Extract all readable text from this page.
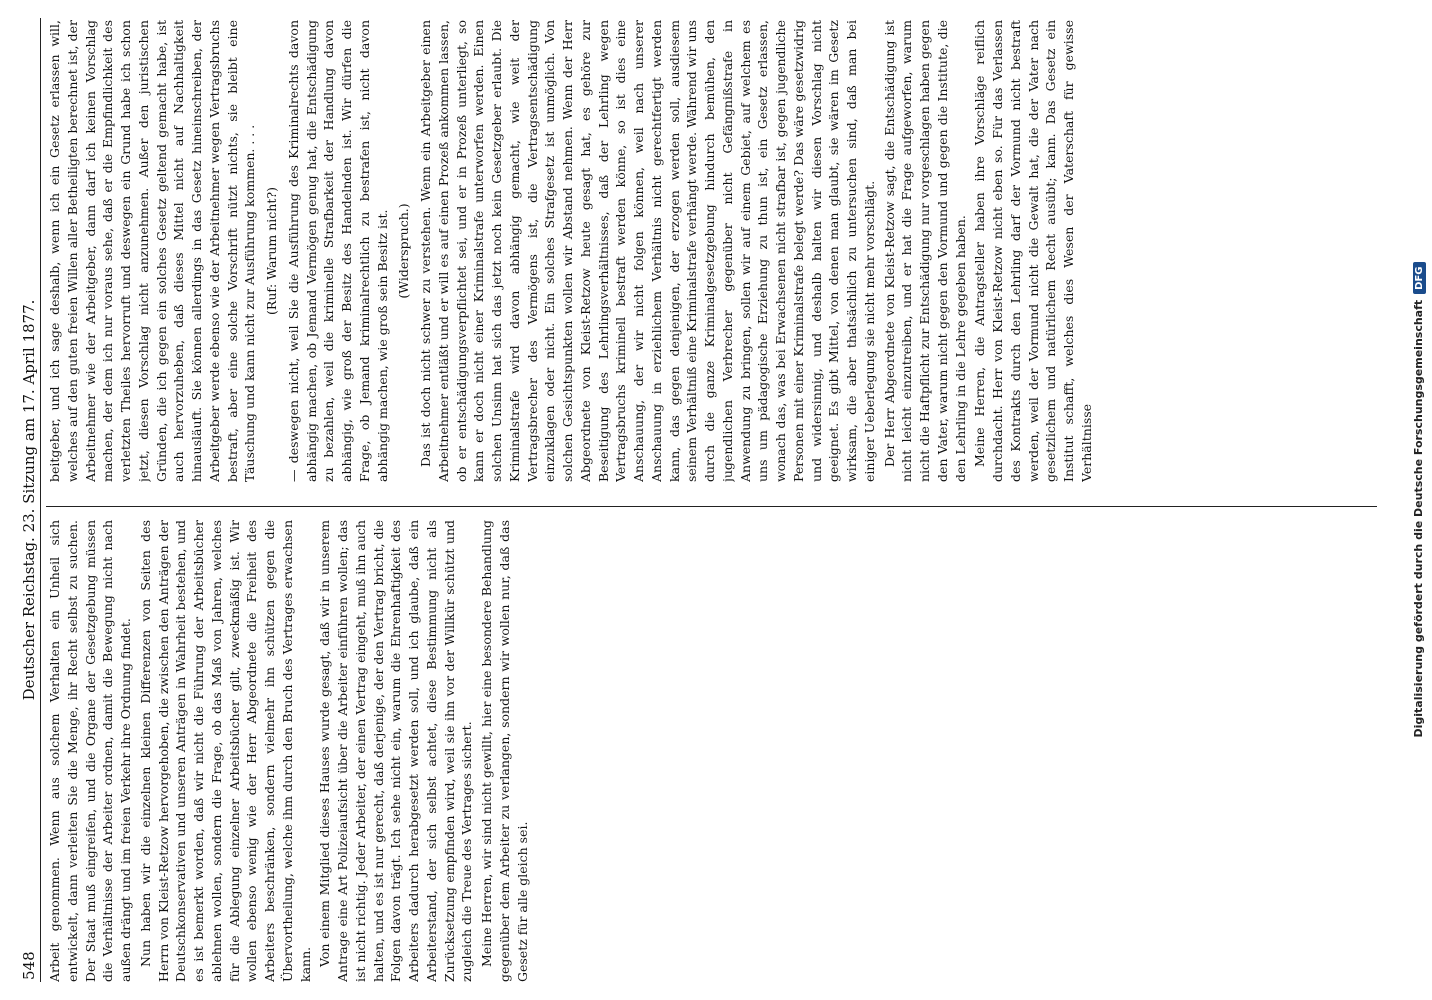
548
Deutscher Reichstag. 23. Sitzung am 17. April 1877.

Arbeit genommen. Wenn aus solchem Verhalten ein Unheil sich entwickelt, dann verleiten Sie die Menge, ihr Recht selbst zu suchen. Der Staat muß eingreifen, und die Organe der Gesetzgebung müssen die Verhältnisse der Arbeiter ordnen, damit die Bewegung nicht nach außen drängt und im freien Verkehr ihre Ordnung findet. Nun haben wir die einzelnen kleinen Differenzen von Seiten des Herrn von Kleist-Retzow hervorgehoben, die zwischen den Anträgen der Deutschkonservativen und unseren Anträgen in Wahrheit bestehen, und es ist bemerkt worden, daß wir nicht die Führung der Arbeitsbücher ablehnen wollen, sondern die Frage, ob das Maß von Jahren, welches für die Ablegung einzelner Arbeitsbücher gilt, zweckmäßig ist. Wir wollen ebenso wenig wie der Herr Abgeordnete die Freiheit des Arbeiters beschränken, sondern vielmehr ihn schützen gegen die Übervortheilung, welche ihm durch den Bruch des Vertrages erwachsen kann. Von einem Mitglied dieses Hauses wurde gesagt, daß wir in unserem Antrage eine Art Polizeiaufsicht über die Arbeiter einführen wollen; das ist nicht richtig. Jeder Arbeiter, der einen Vertrag eingeht, muß ihn auch halten, und es ist nur gerecht, daß derjenige, der den Vertrag bricht, die Folgen davon trägt. Ich sehe nicht ein, warum die Ehrenhaftigkeit des Arbeiters dadurch herabgesetzt werden soll, und ich glaube, daß ein Arbeiterstand, der sich selbst achtet, diese Bestimmung nicht als Zurücksetzung empfinden wird, weil sie ihn vor der Willkür schützt und zugleich die Treue des Vertrages sichert. Meine Herren, wir sind nicht gewillt, hier eine besondere Behandlung gegenüber dem Arbeiter zu verlangen, sondern wir wollen nur, daß das Gesetz für alle gleich sei.

beitgeber, und ich sage deshalb, wenn ich ein Gesetz erlassen will, welches auf den guten freien Willen aller Betheiligten berechnet ist, der Arbeitnehmer wie der Arbeitgeber, dann darf ich keinen Vorschlag machen, der dem ich nur voraus sehe, daß er die Empfindlichkeit des verletzten Theiles hervorruft und deswegen ein Grund habe ich schon jetzt, diesen Vorschlag nicht anzunehmen. Außer den juristischen Gründen, die ich gegen ein solches Gesetz geltend gemacht habe, ist auch hervorzuheben, daß dieses Mittel nicht auf Nachhaltigkeit hinausläuft. Sie können allerdings in das Gesetz hineinschreiben, der Arbeitgeber werde ebenso wie der Arbeitnehmer wegen Vertragsbruchs bestraft, aber eine solche Vorschrift nützt nichts, sie bleibt eine Täuschung und kann nicht zur Ausführung kommen. . . . (Ruf: Warum nicht?) — deswegen nicht, weil Sie die Ausführung des Kriminalrechts davon abhängig machen, ob Jemand Vermögen genug hat, die Entschädigung zu bezahlen, weil die kriminelle Strafbarkeit der Handlung davon abhängig, wie groß der Besitz des Handelnden ist. Wir dürfen die Frage, ob Jemand kriminalrechtlich zu bestrafen ist, nicht davon abhängig machen, wie groß sein Besitz ist. (Widerspruch.) Das ist doch nicht schwer zu verstehen. Wenn ein Arbeitgeber einen Arbeitnehmer entläßt und er will es auf einen Prozeß ankommen lassen, ob er entschädigungsverpflichtet sei, und er in Prozeß unterliegt, so kann er doch nicht einer Kriminalstrafe unterworfen werden. Einen solchen Unsinn hat sich das jetzt noch kein Gesetzgeber erlaubt. Die Kriminalstrafe wird davon abhängig gemacht, wie weit der Vertragsbrecher des Vermögens ist, die Vertragsentschädigung einzuklagen oder nicht. Ein solches Strafgesetz ist unmöglich. Von solchen Gesichtspunkten wollen wir Abstand nehmen. Wenn der Herr Abgeordnete von Kleist-Retzow heute gesagt hat, es gehöre zur Beseitigung des Lehrlingsverhältnisses, daß der Lehrling wegen Vertragsbruchs kriminell bestraft werden könne, so ist dies eine Anschauung, der wir nicht folgen können, weil nach unserer Anschauung in erziehlichem Verhältnis nicht gerechtfertigt werden kann, das gegen denjenigen, der erzogen werden soll, ausdiesem seinem Verhältniß eine Kriminalstrafe verhängt werde. Während wir uns durch die ganze Kriminalgesetzgebung hindurch bemühen, den jugendlichen Verbrecher gegenüber nicht Gefängnißstrafe in Anwendung zu bringen, sollen wir auf einem Gebiet, auf welchem es uns um pädagogische Erziehung zu thun ist, ein Gesetz erlassen, wonach das, was bei Erwachsenen nicht strafbar ist, gegen jugendliche Personen mit einer Kriminalstrafe belegt werde? Das wäre gesetzwidrig und widersinnig, und deshalb halten wir diesen Vorschlag nicht geeignet. Es gibt Mittel, von denen man glaubt, sie wären im Gesetz wirksam, die aber thatsächlich zu untersuchen sind, daß man bei einiger Ueberlegung sie nicht mehr vorschlägt. Der Herr Abgeordnete von Kleist-Retzow sagt, die Entschädigung ist nicht leicht einzutreiben, und er hat die Frage aufgeworfen, warum nicht die Haftpflicht zur Entschädigung nur vorgeschlagen haben gegen den Vater, warum nicht gegen den Vormund und gegen die Institute, die den Lehrling in die Lehre gegeben haben. Meine Herren, die Antragsteller haben ihre Vorschläge reiflich durchdacht. Herr von Kleist-Retzow nicht eben so. Für das Verlassen des Kontrakts durch den Lehrling darf der Vormund nicht bestraft werden, weil der Vormund nicht die Gewalt hat, die der Vater nach gesetzlichem und natürlichem Recht ausübt; kann. Das Gesetz ein Institut schafft, welches dies Wesen der Vaterschaft für gewisse Verhältnisse	Digitalisierung gefördert durch die Deutsche ForschungsgemeinschaftDFG
